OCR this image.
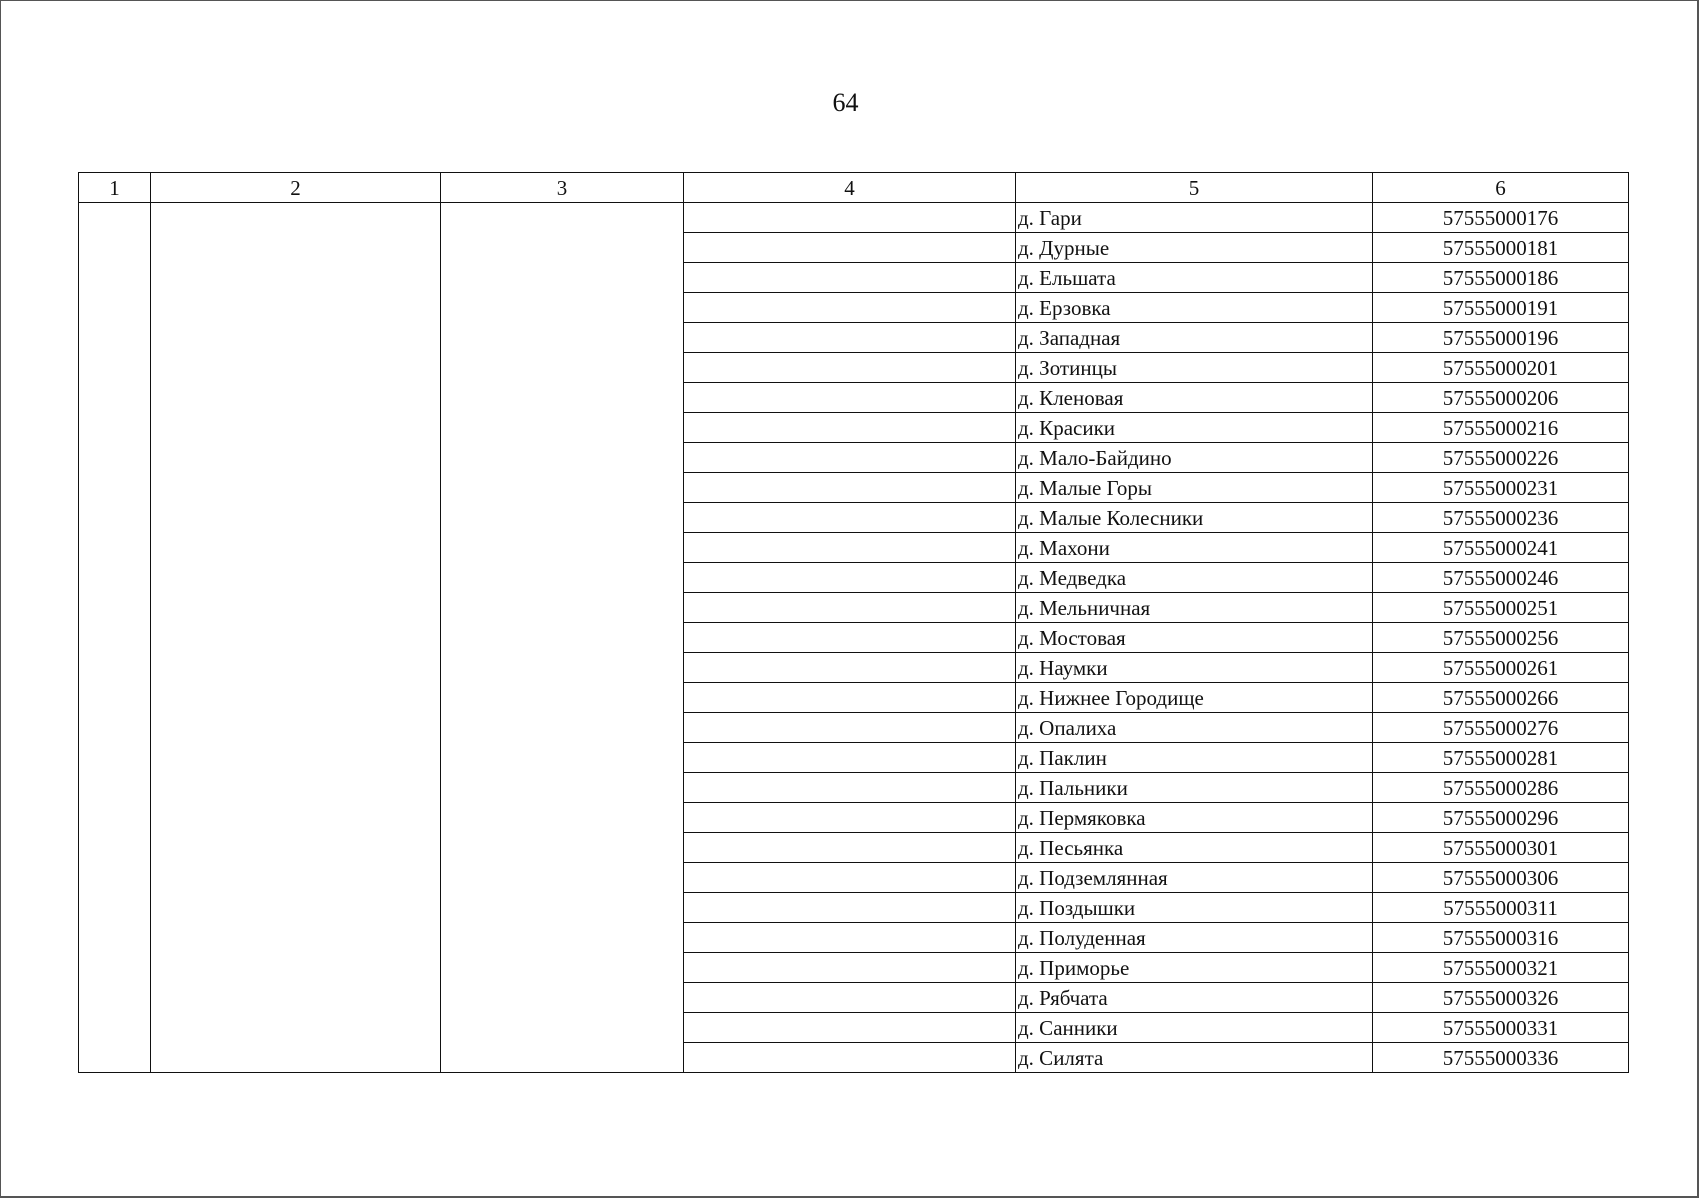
64
1	2	3	4	5	6
				д. Гари	57555000176
				д. Дурные	57555000181
				д. Ельшата	57555000186
				д. Ерзовка	57555000191
				д. Западная	57555000196
				д. Зотинцы	57555000201
				д. Кленовая	57555000206
				д. Красики	57555000216
				д. Мало-Байдино	57555000226
				д. Малые Горы	57555000231
				д. Малые Колесники	57555000236
				д. Махони	57555000241
				д. Медведка	57555000246
				д. Мельничная	57555000251
				д. Мостовая	57555000256
				д. Наумки	57555000261
				д. Нижнее Городище	57555000266
				д. Опалиха	57555000276
				д. Паклин	57555000281
				д. Пальники	57555000286
				д. Пермяковка	57555000296
				д. Песьянка	57555000301
				д. Подземлянная	57555000306
				д. Поздышки	57555000311
				д. Полуденная	57555000316
				д. Приморье	57555000321
				д. Рябчата	57555000326
				д. Санники	57555000331
				д. Силята	57555000336
